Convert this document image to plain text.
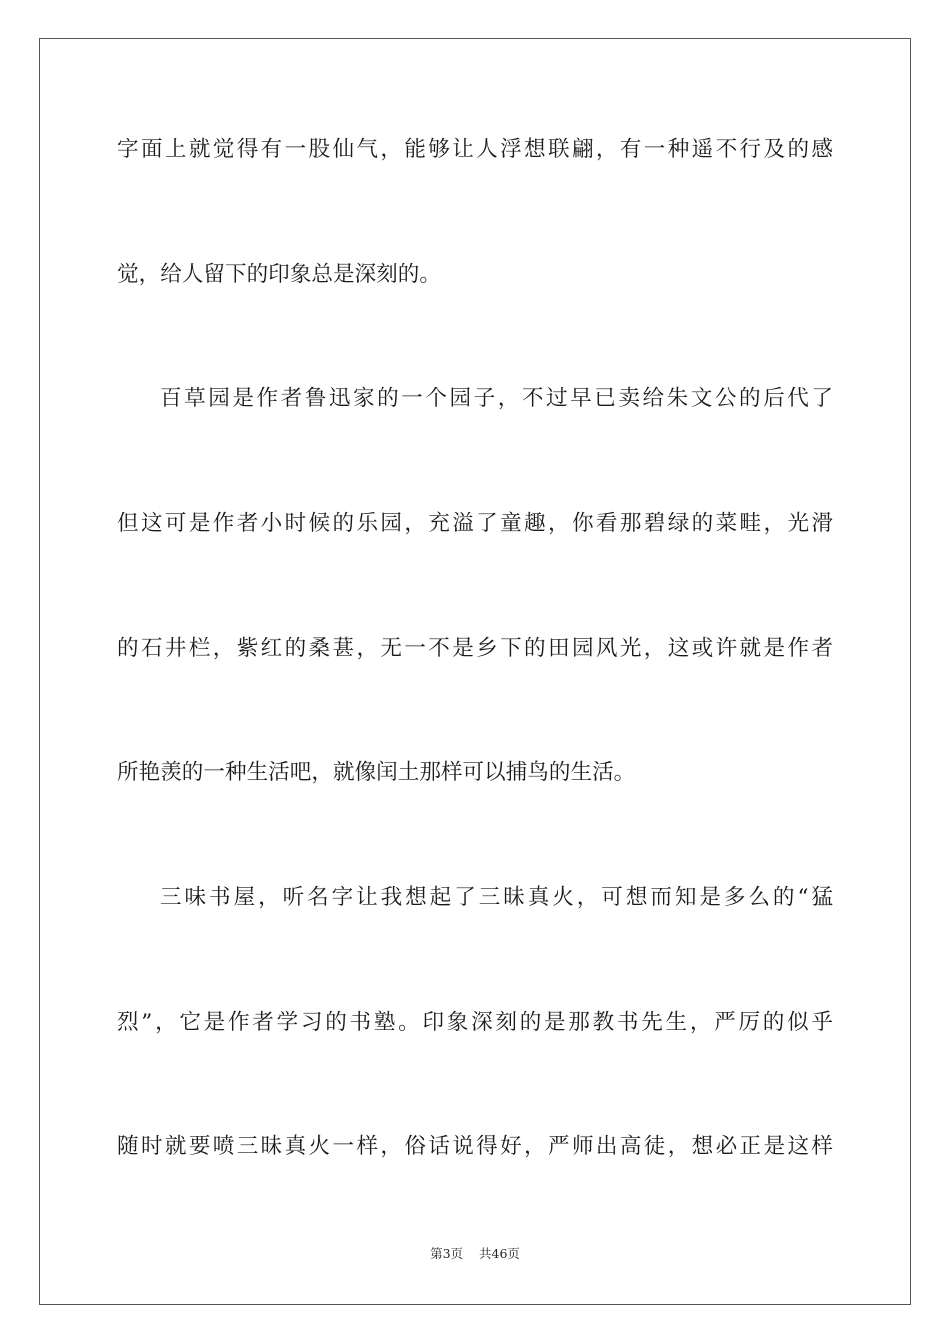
字面上就觉得有一股仙气，能够让人浮想联翩，有一种遥不行及的感
觉，给人留下的印象总是深刻的。
百草园是作者鲁迅家的一个园子，不过早已卖给朱文公的后代了
但这可是作者小时候的乐园，充溢了童趣，你看那碧绿的菜畦，光滑
的石井栏，紫红的桑葚，无一不是乡下的田园风光，这或许就是作者
所艳羡的一种生活吧，就像闰土那样可以捕鸟的生活。
三味书屋，听名字让我想起了三昧真火，可想而知是多么的“猛
烈”，它是作者学习的书塾。印象深刻的是那教书先生，严厉的似乎
随时就要喷三昧真火一样，俗话说得好，严师出高徒，想必正是这样
第3页 共46页
